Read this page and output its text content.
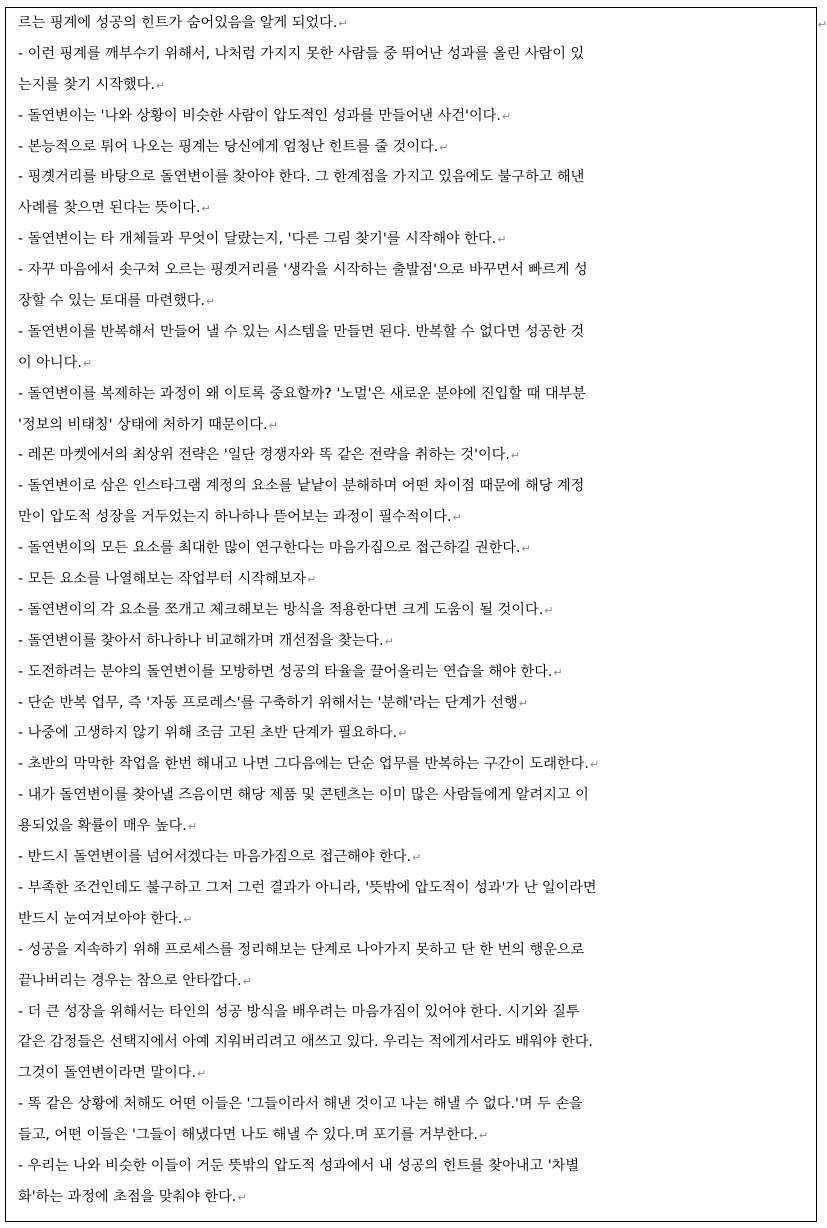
르는 핑계에 성공의 힌트가 숨어있음을 알게 되었다.↵
- 이런 핑계를 깨부수기 위해서, 나처럼 가지지 못한 사람들 중 뛰어난 성과를 올린 사람이 있
는지를 찾기 시작했다.↵
- 돌연변이는 '나와 상황이 비슷한 사람이 압도적인 성과를 만들어낸 사건'이다.↵
- 본능적으로 튀어 나오는 핑계는 당신에게 엄청난 힌트를 줄 것이다.↵
- 핑곗거리를 바탕으로 돌연변이를 찾아야 한다. 그 한계점을 가지고 있음에도 불구하고 해낸
사례를 찾으면 된다는 뜻이다.↵
- 돌연변이는 타 개체들과 무엇이 달랐는지, '다른 그림 찾기'를 시작해야 한다.↵
- 자꾸 마음에서 솟구쳐 오르는 핑곗거리를 '생각을 시작하는 출발점'으로 바꾸면서 빠르게 성
장할 수 있는 토대를 마련했다.↵
- 돌연변이를 반복해서 만들어 낼 수 있는 시스템을 만들면 된다. 반복할 수 없다면 성공한 것
이 아니다.↵
- 돌연변이를 복제하는 과정이 왜 이토록 중요할까? '노멀'은 새로운 분야에 진입할 때 대부분
'정보의 비태칭' 상태에 처하기 때문이다.↵
- 레몬 마켓에서의 최상위 전략은 '일단 경쟁자와 똑 같은 전략을 취하는 것'이다.↵
- 돌연변이로 삼은 인스타그램 계정의 요소를 낱낱이 분해하며 어떤 차이점 때문에 해당 계정
만이 압도적 성장을 거두었는지 하나하나 뜯어보는 과정이 필수적이다.↵
- 돌연변이의 모든 요소를 최대한 많이 연구한다는 마음가짐으로 접근하길 권한다.↵
- 모든 요소를 나열해보는 작업부터 시작해보자↵
- 돌연변이의 각 요소를 쪼개고 체크해보는 방식을 적용한다면 크게 도움이 될 것이다.↵
- 돌연변이를 찾아서 하나하나 비교해가며 개선점을 찾는다.↵
- 도전하려는 분야의 돌연변이를 모방하면 성공의 타율을 끌어올리는 연습을 해야 한다.↵
- 단순 반복 업무, 즉 '자동 프로레스'를 구축하기 위해서는 '분해'라는 단계가 선행↵
- 나중에 고생하지 않기 위해 조금 고된 초반 단계가 필요하다.↵
- 초반의 막막한 작업을 한번 해내고 나면 그다음에는 단순 업무를 반복하는 구간이 도래한다.↵
- 내가 돌연변이를 찾아낼 즈음이면 해당 제품 및 콘텐츠는 이미 많은 사람들에게 알려지고 이
용되었을 확률이 매우 높다.↵
- 반드시 돌연변이를 넘어서겠다는 마음가짐으로 접근해야 한다.↵
- 부족한 조건인데도 불구하고 그저 그런 결과가 아니라, '뜻밖에 압도적이 성과'가 난 일이라면
반드시 눈여겨보아야 한다.↵
- 성공을 지속하기 위해 프로세스를 정리해보는 단계로 나아가지 못하고 단 한 번의 행운으로
끝나버리는 경우는 참으로 안타깝다.↵
- 더 큰 성장을 위해서는 타인의 성공 방식을 배우려는 마음가짐이 있어야 한다. 시기와 질투
같은 감정들은 선택지에서 아예 지워버리려고 애쓰고 있다. 우리는 적에게서라도 배워야 한다.
그것이 돌연변이라면 말이다.↵
- 똑 같은 상황에 처해도 어떤 이들은 '그들이라서 해낸 것이고 나는 해낼 수 없다.'며 두 손을
들고, 어떤 이들은 '그들이 해냈다면 나도 해낼 수 있다.며 포기를 거부한다.↵
- 우리는 나와 비슷한 이들이 거둔 뜻밖의 압도적 성과에서 내 성공의 힌트를 찾아내고 '차별
화'하는 과정에 초점을 맞춰야 한다.↵
↵
